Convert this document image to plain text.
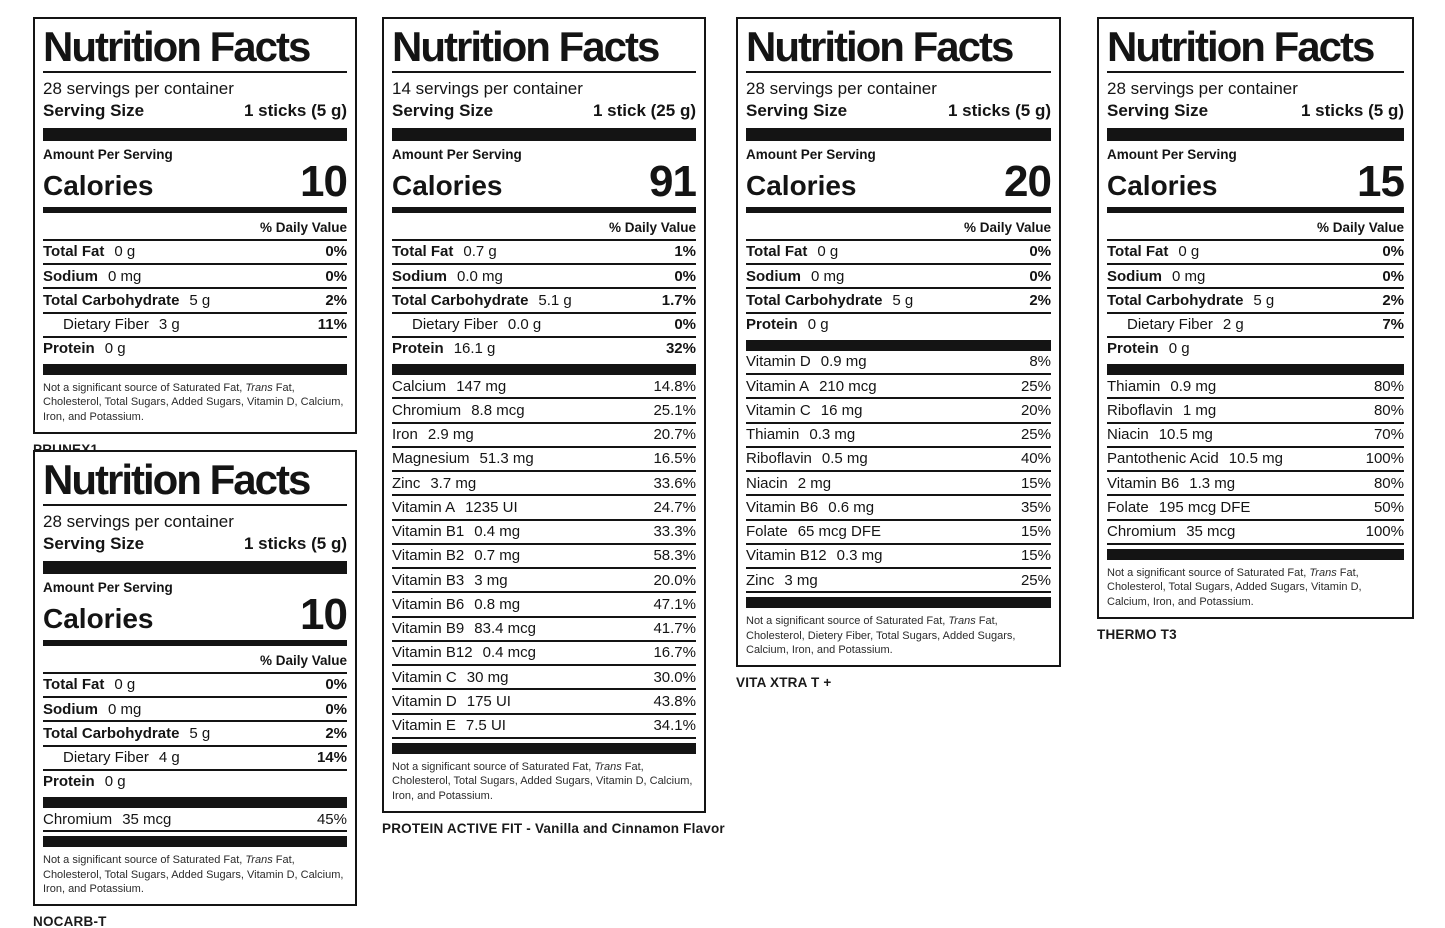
Nutrition Facts
28 servings per container
Serving Size	1 sticks (5 g)
Amount Per Serving
Calories	10
% Daily Value
Total Fat 0 g	0%
Sodium 0 mg	0%
Total Carbohydrate 5 g	2%
Dietary Fiber 3 g	11%
Protein 0 g
Not a significant source of Saturated Fat, Trans Fat, Cholesterol, Total Sugars, Added Sugars, Vitamin D, Calcium, Iron, and Potassium.
Nutrition Facts
14 servings per container
Serving Size	1 stick (25 g)
Amount Per Serving
Calories	91
% Daily Value
Total Fat 0.7 g	1%
Sodium 0.0 mg	0%
Total Carbohydrate 5.1 g	1.7%
Dietary Fiber 0.0 g	0%
Protein 16.1 g	32%
Calcium 147 mg	14.8%
Chromium 8.8 mcg	25.1%
Iron 2.9 mg	20.7%
Magnesium 51.3 mg	16.5%
Zinc 3.7 mg	33.6%
Vitamin A 1235 UI	24.7%
Vitamin B1 0.4 mg	33.3%
Vitamin B2 0.7 mg	58.3%
Vitamin B3 3 mg	20.0%
Vitamin B6 0.8 mg	47.1%
Vitamin B9 83.4 mcg	41.7%
Vitamin B12 0.4 mcg	16.7%
Vitamin C 30 mg	30.0%
Vitamin D 175 UI	43.8%
Vitamin E 7.5 UI	34.1%
Not a significant source of Saturated Fat, Trans Fat, Cholesterol, Total Sugars, Added Sugars, Vitamin D, Calcium, Iron, and Potassium.
PROTEIN ACTIVE FIT - Vanilla and Cinnamon Flavor
Nutrition Facts
28 servings per container
Serving Size	1 sticks (5 g)
Amount Per Serving
Calories	20
% Daily Value
Total Fat 0 g	0%
Sodium 0 mg	0%
Total Carbohydrate 5 g	2%
Protein 0 g
Vitamin D 0.9 mg	8%
Vitamin A 210 mcg	25%
Vitamin C 16 mg	20%
Thiamin 0.3 mg	25%
Riboflavin 0.5 mg	40%
Niacin 2 mg	15%
Vitamin B6 0.6 mg	35%
Folate 65 mcg DFE	15%
Vitamin B12 0.3 mg	15%
Zinc 3 mg	25%
Not a significant source of Saturated Fat, Trans Fat, Cholesterol, Dietery Fiber, Total Sugars, Added Sugars, Calcium, Iron, and Potassium.
VITA XTRA T +
Nutrition Facts
28 servings per container
Serving Size	1 sticks (5 g)
Amount Per Serving
Calories	15
% Daily Value
Total Fat 0 g	0%
Sodium 0 mg	0%
Total Carbohydrate 5 g	2%
Dietary Fiber 2 g	7%
Protein 0 g
Thiamin 0.9 mg	80%
Riboflavin 1 mg	80%
Niacin 10.5 mg	70%
Pantothenic Acid 10.5 mg	100%
Vitamin B6 1.3 mg	80%
Folate 195 mcg DFE	50%
Chromium 35 mcg	100%
Not a significant source of Saturated Fat, Trans Fat, Cholesterol, Total Sugars, Added Sugars, Vitamin D, Calcium, Iron, and Potassium.
THERMO T3
Nutrition Facts
28 servings per container
Serving Size	1 sticks (5 g)
Amount Per Serving
Calories	10
% Daily Value
Total Fat 0 g	0%
Sodium 0 mg	0%
Total Carbohydrate 5 g	2%
Dietary Fiber 4 g	14%
Protein 0 g
Chromium 35 mcg	45%
Not a significant source of Saturated Fat, Trans Fat, Cholesterol, Total Sugars, Added Sugars, Vitamin D, Calcium, Iron, and Potassium.
NOCARB-T
